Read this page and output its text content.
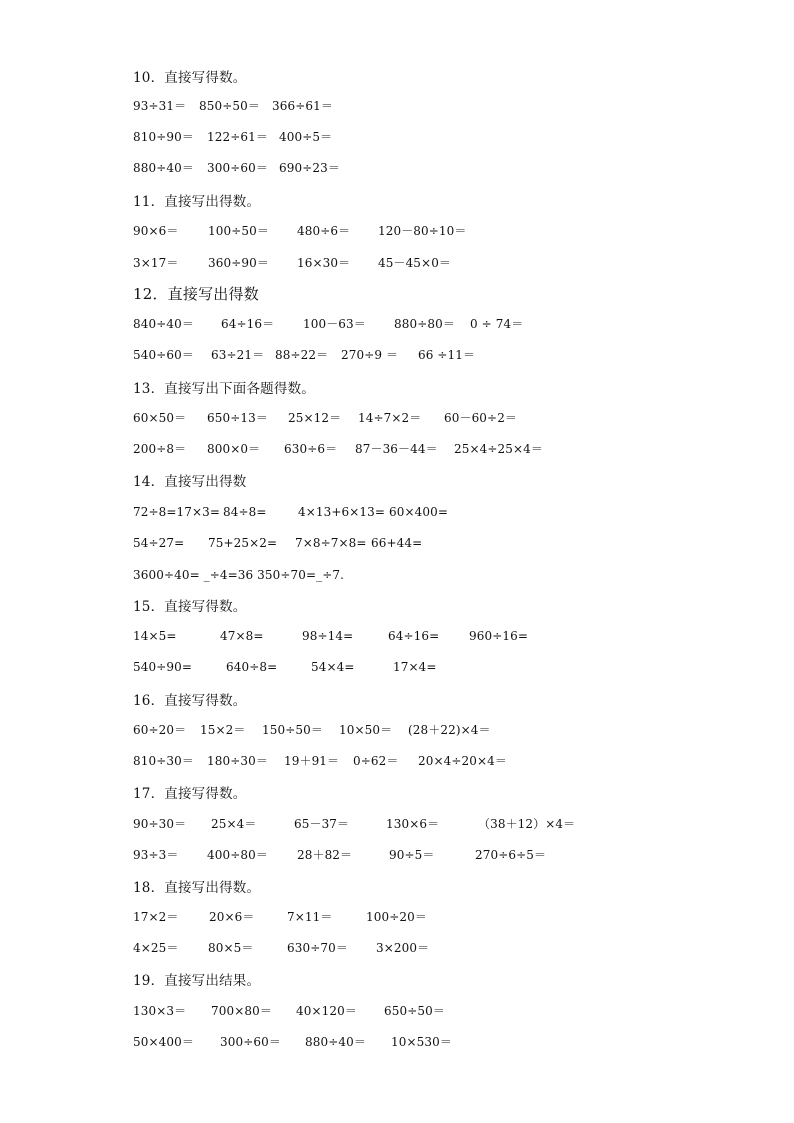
10．直接写得数。
93÷31＝ 850÷50＝ 366÷61＝
810÷90＝ 122÷61＝ 400÷5＝
880÷40＝ 300÷60＝ 690÷23＝
11．直接写出得数。
90×6＝ 100÷50＝ 480÷6＝ 120－80÷10＝
3×17＝ 360÷90＝ 16×30＝ 45－45×0＝
12．直接写出得数
840÷40＝ 64÷16＝ 100－63＝ 880÷80＝ 0 ÷ 74＝
540÷60＝ 63÷21＝ 88÷22＝ 270÷9 ＝ 66 ÷11＝
13．直接写出下面各题得数。
60×50＝ 650÷13＝ 25×12＝ 14÷7×2＝ 60－60÷2＝
200÷8＝ 800×0＝ 630÷6＝ 87－36－44＝ 25×4÷25×4＝
14．直接写出得数
72÷8=17×3= 84÷8=	4×13+6×13= 60×400=
54÷27= 75+25×2= 7×8÷7×8= 66+44=
3600÷40= _÷4=36 350÷70=_÷7.
15．直接写得数。
14×5=	47×8=	98÷14=	64÷16= 960÷16=
540÷90=	640÷8=	54×4=	17×4=
16．直接写得数。
60÷20＝ 15×2＝ 150÷50＝ 10×50＝ (28＋22)×4＝
810÷30＝ 180÷30＝ 19＋91＝ 0÷62＝ 20×4÷20×4＝
17．直接写得数。
90÷30＝ 25×4＝	65－37＝	130×6＝	（38＋12）×4＝
93÷3＝ 400÷80＝ 28＋82＝	90÷5＝	270÷6÷5＝
18．直接写出得数。
17×2＝	20×6＝	7×11＝	100÷20＝
4×25＝ 80×5＝	630÷70＝ 3×200＝
19．直接写出结果。
130×3＝ 700×80＝ 40×120＝ 650÷50＝
50×400＝ 300÷60＝ 880÷40＝ 10×530＝
